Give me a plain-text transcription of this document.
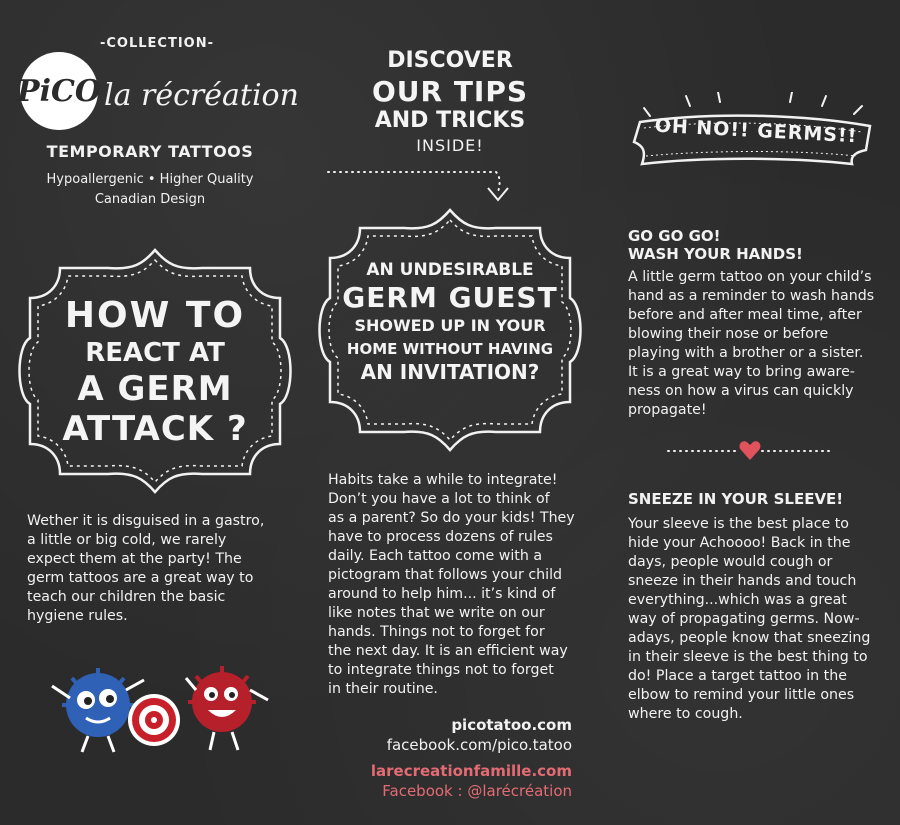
-COLLECTION-
PiCO la récréation
TEMPORARY TATTOOS
Hypoallergenic • Higher Quality
Canadian Design
HOW TO
REACT AT
A GERM
ATTACK ?
Wether it is disguised in a gastro,
a little or big cold, we rarely
expect them at the party! The
germ tattoos are a great way to
teach our children the basic
hygiene rules.
DISCOVER
OUR TIPS
AND TRICKS
INSIDE!
AN UNDESIRABLE
GERM GUEST
SHOWED UP IN YOUR
HOME WITHOUT HAVING
AN INVITATION?
Habits take a while to integrate!
Don’t you have a lot to think of
as a parent? So do your kids! They
have to process dozens of rules
daily. Each tattoo come with a
pictogram that follows your child
around to help him... it’s kind of
like notes that we write on our
hands. Things not to forget for
the next day. It is an efficient way
to integrate things not to forget
in their routine.
picotatoo.com
facebook.com/pico.tatoo
larecreationfamille.com
Facebook : @larécréation
OH NO!! GERMS!!
GO GO GO!
WASH YOUR HANDS!
A little germ tattoo on your child’s
hand as a reminder to wash hands
before and after meal time, after
blowing their nose or before
playing with a brother or a sister.
It is a great way to bring aware-
ness on how a virus can quickly
propagate!
SNEEZE IN YOUR SLEEVE!
Your sleeve is the best place to
hide your Achoooo! Back in the
days, people would cough or
sneeze in their hands and touch
everything...which was a great
way of propagating germs. Now-
adays, people know that sneezing
in their sleeve is the best thing to
do! Place a target tattoo in the
elbow to remind your little ones
where to cough.
